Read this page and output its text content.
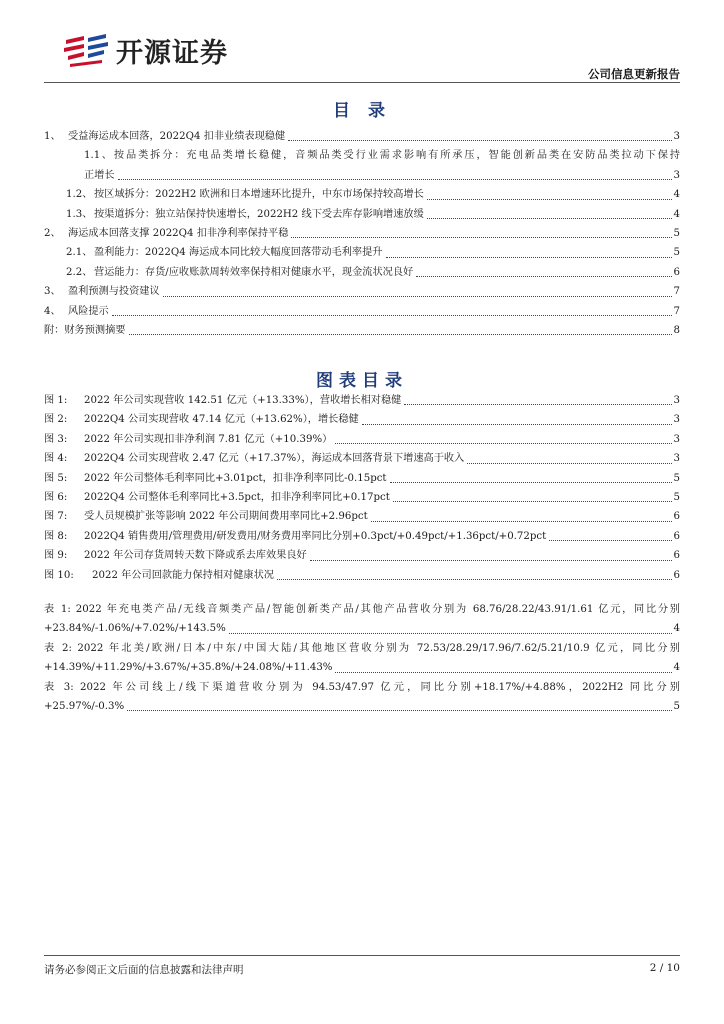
开源证券
公司信息更新报告
目 录
1、 受益海运成本回落，2022Q4 扣非业绩表现稳健	3
1.1、按品类拆分：充电品类增长稳健，音频品类受行业需求影响有所承压，智能创新品类在安防品类拉动下保持
正增长	3
1.2、 按区域拆分：2022H2 欧洲和日本增速环比提升，中东市场保持较高增长	4
1.3、 按渠道拆分：独立站保持快速增长，2022H2 线下受去库存影响增速放缓	4
2、 海运成本回落支撑 2022Q4 扣非净利率保持平稳	5
2.1、 盈利能力：2022Q4 海运成本同比较大幅度回落带动毛利率提升	5
2.2、 营运能力：存货/应收账款周转效率保持相对健康水平，现金流状况良好	6
3、 盈利预测与投资建议	7
4、 风险提示	7
附：财务预测摘要	8
图表目录
图 1: 2022 年公司实现营收 142.51 亿元（+13.33%），营收增长相对稳健	3
图 2: 2022Q4 公司实现营收 47.14 亿元（+13.62%），增长稳健	3
图 3: 2022 年公司实现扣非净利润 7.81 亿元（+10.39%）	3
图 4: 2022Q4 公司实现营收 2.47 亿元（+17.37%），海运成本回落背景下增速高于收入	3
图 5: 2022 年公司整体毛利率同比+3.01pct，扣非净利率同比-0.15pct	5
图 6: 2022Q4 公司整体毛利率同比+3.5pct，扣非净利率同比+0.17pct	5
图 7: 受人员规模扩张等影响 2022 年公司期间费用率同比+2.96pct	6
图 8: 2022Q4 销售费用/管理费用/研发费用/财务费用率同比分别+0.3pct/+0.49pct/+1.36pct/+0.72pct	6
图 9: 2022 年公司存货周转天数下降或系去库效果良好	6
图 10: 2022 年公司回款能力保持相对健康状况	6
表 1: 2022 年充电类产品/无线音频类产品/智能创新类产品/其他产品营收分别为 68.76/28.22/43.91/1.61 亿元，同比分别
+23.84%/-1.06%/+7.02%/+143.5%	4
表 2: 2022 年北美/欧洲/日本/中东/中国大陆/其他地区营收分别为 72.53/28.29/17.96/7.62/5.21/10.9 亿元，同比分别
+14.39%/+11.29%/+3.67%/+35.8%/+24.08%/+11.43%	4
表 3: 2022 年公司线上/线下渠道营收分别为 94.53/47.97 亿元，同比分别+18.17%/+4.88%，2022H2 同比分别
+25.97%/-0.3%	5
请务必参阅正文后面的信息披露和法律声明	2 / 10
